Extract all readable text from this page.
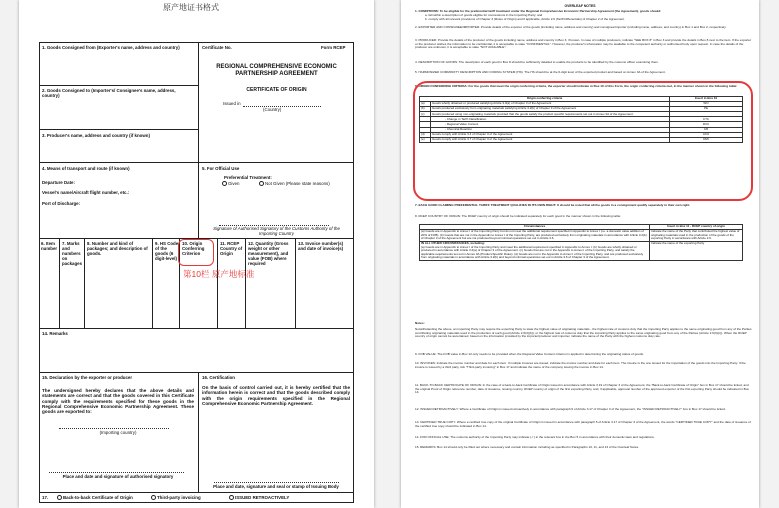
原产地证书格式
1. Goods Consigned from (Exporter's name, address and country)	Certificate No.	Form RCEP
REGIONAL COMPREHENSIVE ECONOMIC
PARTNERSHIP AGREEMENT
CERTIFICATE OF ORIGIN
Issued in
(Country)
2. Goods Consigned to (Importer's/ Consignee's name, address, country)
3. Producer's name, address and country (if known)
4. Means of transport and route (if known)
Departure Date:
Vessel's name/Aircraft flight number, etc.:
Port of Discharge:
5. For Official Use
Preferential Treatment:
Given	Not Given (Please state reasons)
Signature of Authorised Signatory of the Customs Authority of the Importing Country
6. Item number
7. Marks and numbers on packages
8. Number and kind of packages; and description of goods.
9. HS Code of the goods (6 digit-level)
10. Origin Conferring Criterion
11. RCEP Country of Origin
12. Quantity (Gross weight or other measurement), and value (FOB) where required
13. Invoice number(s) and date of invoice(s)
第10栏 原产地标准
14. Remarks
15. Declaration by the exporter or producer
The undersigned hereby declares that the above details and statements are correct and that the goods covered in this Certificate comply with the requirements specified for these goods in the Regional Comprehensive Economic Partnership Agreement. These goods are exported to:
(Importing country)
Place and date and signature of authorised signatory
16. Certification
On the basis of control carried out, it is hereby certified that the information herein is correct and that the goods described comply with the origin requirements specified in the Regional Comprehensive Economic Partnership Agreement.
Place and date, signature and seal or stamp of Issuing Body
17.	Back-to-back Certificate of Origin	Third-party invoicing	ISSUED RETROACTIVELY
OVERLEAF NOTES
1. CONDITIONS: To be eligible for the preferential tariff treatment under the Regional Comprehensive Economic Partnership Agreement (the Agreement), goods should:
a. fall within a description of goods eligible for concessions in the Importing Party; and
b. comply with all relevant provisions of Chapter 3 (Rules of Origin) and if applicable, Article 2.6 (Tariff Differentials) of Chapter 2 of the Agreement.
2. EXPORTER AND CONSIGNEE/IMPORTER: Provide details of the exporter of the goods (including name, address and country) and consignee/importer (including name, address, and country) in Box 1 and Box 2, respectively.
3. PRODUCER: Provide the details of the producer of the goods including name, address and country in Box 3, if known. In case of multiple producers, indicate "SEE BOX 8" in Box 3 and provide the details in Box 8 next to the item. If the exporter or the producer wishes the information to be confidential, it is acceptable to state "CONFIDENTIAL". However, the producer's information may be available to the competent authority or authorised body upon request. In case the details of the producer are unknown, it is acceptable to state "NOT AVAILABLE".
4. DESCRIPTION OF GOODS: The description of each good in Box 8 should be sufficiently detailed to enable the products to be identified by the customs officer examining them.
5. HARMONIZED COMMODITY DESCRIPTION AND CODING SYSTEM (HS): The HS should be at the 6-digit level of the exported product and based on Annex 3A of the Agreement.
6. ORIGIN CONFERRING CRITERIA: For the goods that meet the origin conferring criteria, the exporter should indicate in Box 10 of this Form, the origin conferring criteria met, in the manner shown in the following table:
Origin conferring criteria		Insert in Box 10
(a)	Goods wholly obtained or produced satisfying Article 3.3(a) of Chapter 3 of the Agreement	WO
(b)	Goods produced exclusively from originating materials satisfying Article 3.2(b) of Chapter 3 of the Agreement	PE
(c)	Goods produced using non-originating materials provided that the goods satisfy the product specific requirements set out in Annex 3A of the Agreement:	
	- Change in Tariff Classification	CTC
	- Regional Value Content	RVC
	- Chemical Reaction	CR
(d)	Goods comply with Article 3.4 of Chapter 3 of the Agreement	ACU
(e)	Goods comply with Article 3.7 of Chapter 3 of the Agreement	DMI
7. EACH GOOD CLAIMING PREFERENTIAL TARIFF TREATMENT QUALIFIES IN ITS OWN RIGHT: It should be noted that all the goods in a consignment qualify separately in their own right.
8. RCEP COUNTRY OF ORIGIN: The RCEP country of origin should be indicated separately for each good in the manner shown in the following table:
Circumstances	Insert in Box 11 - RCEP country of origin
(a) Goods are in Appendix to Annex I of the Importing Party but do not meet the additional requirement specified in Appendix to Annex I (i.e. a domestic value addition of 20% of FOB). (b) Goods that are not in the Appendix to Annex I of the Importing Party, are produced exclusively from originating materials in accordance with Article 3.2(b) of Chapter 3 of the Agreement but are not produced beyond minimal operations set out in Article 3.6.	Indicate the name of the Party that contributed the highest value of originating materials used in the production of the goods of the exporting Party in accordance with Article 2.6.
IN ALL OTHER CIRCUMSTANCES, including:
(a) Goods are in Appendix to Annex I of the Importing Party and meet the additional requirement specified in Appendix to Annex I. (b) Goods are wholly obtained or produced in accordance with Article 3.2(a) of Chapter 3 of the Agreement. (c) Goods that are not in the Appendix to Annex I of the Importing Party, and satisfy the applicable requirements set out in Annex 3A (Product-Specific Rules). (d) Goods are not in the Appendix to Annex I of the Importing Party, and are produced exclusively from originating materials in accordance with Article 3.2(b) and beyond minimal operations set out in Article 3.6 of Chapter 3 of the Agreement.	Indicate the name of the exporting Party
Notes:
Notwithstanding the above, an importing Party may require the exporting Party to state the highest value of originating materials - the highest rate of customs duty that the importing Party applies to the same originating good from any of the Parties contributing originating materials used in the production of such good (Article 2.6(3)(b)); or the highest rate of customs duty that the importing Party applies to the same originating good from any of the Parties (Article 2.6(3)(c)). When the RCEP country of origin cannot be ascertained, based on the information provided by the importer/producer and importer, indicate the name of the Party with the highest customs duty rate.
9. FOB VALUE: The FOB value in Box 12 only needs to be provided when the Regional Value Content criterion is applied in determining the originating status of goods.
10. INVOICES: Indicate the invoice number and date for each item. If multiple invoices are issued, indicate the invoice number and date for each item. The invoice is the one issued for the importation of the goods into the Importing Party. If the invoice is issued by a third party, tick "Third-party invoicing" in Box 17 and indicate the name of the company issuing the invoice in Box 14.
11. BACK-TO-BACK CERTIFICATE OF ORIGIN: In the case of a back-to-back Certificate of Origin issued in accordance with Article 3.19 of Chapter 3 of the Agreement, the "Back-to-back Certificate of Origin" box in Box 17 should be ticked, and the original Proof of Origin reference number, date of issuance, issuing country, RCEP country of origin of the first exporting Party, and, if applicable, approval number of the approved exporter of the first exporting Party should be indicated in Box 14.
12. ISSUED RETROACTIVELY: Where a Certificate of Origin is issued retroactively in accordance with paragraph 6 of Article 3.17 of Chapter 3 of the Agreement, the "ISSUED RETROACTIVELY" box in Box 17 should be ticked.
13. CERTIFIED TRUE COPY: Where a certified true copy of the original Certificate of Origin is issued in accordance with paragraph 5 of Article 3.17 of Chapter 3 of the Agreement, the words "CERTIFIED TRUE COPY" and the date of issuance of the certified true copy should be indicated in Box 14.
14. FOR OFFICIAL USE: The customs authority of the Importing Party may indicate (✓) in the relevant box in the Box 5 in accordance with their domestic laws and regulations.
15. REMARKS: Box 14 should only be filled out where necessary and contain information including as specified in Paragraphs 10, 11, and 13 of the Overleaf Notes.
